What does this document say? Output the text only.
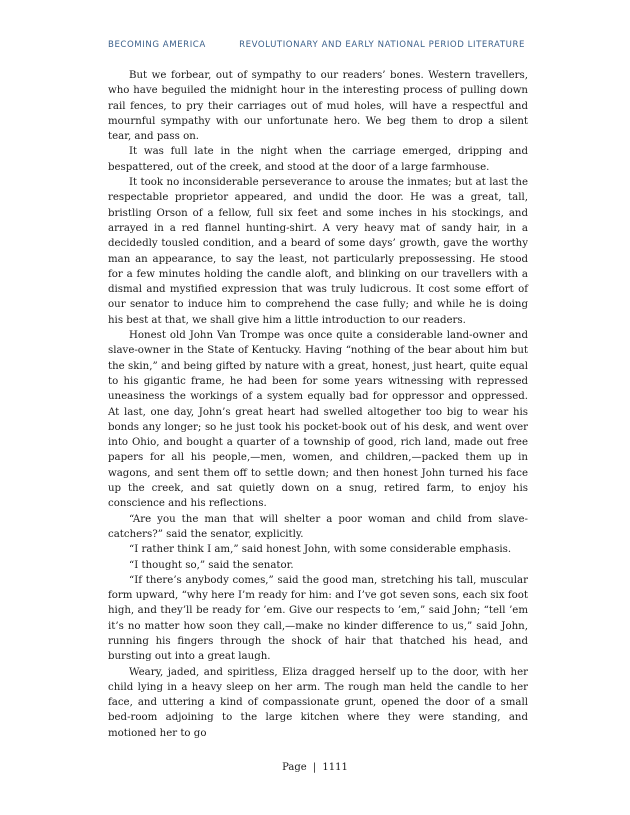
BECOMING AMERICA	REVOLUTIONARY AND EARLY NATIONAL PERIOD LITERATURE

But we forbear, out of sympathy to our readers’ bones. Western travellers, who have beguiled the midnight hour in the interesting process of pulling down rail fences, to pry their carriages out of mud holes, will have a respectful and mournful sympathy with our unfortunate hero. We beg them to drop a silent tear, and pass on.

It was full late in the night when the carriage emerged, dripping and bespattered, out of the creek, and stood at the door of a large farmhouse.

It took no inconsiderable perseverance to arouse the inmates; but at last the respectable proprietor appeared, and undid the door. He was a great, tall, bristling Orson of a fellow, full six feet and some inches in his stockings, and arrayed in a red flannel hunting-shirt. A very heavy mat of sandy hair, in a decidedly tousled condition, and a beard of some days’ growth, gave the worthy man an appearance, to say the least, not particularly prepossessing. He stood for a few minutes holding the candle aloft, and blinking on our travellers with a dismal and mystified expression that was truly ludicrous. It cost some effort of our senator to induce him to comprehend the case fully; and while he is doing his best at that, we shall give him a little introduction to our readers.

Honest old John Van Trompe was once quite a considerable land-owner and slave-owner in the State of Kentucky. Having “nothing of the bear about him but the skin,” and being gifted by nature with a great, honest, just heart, quite equal to his gigantic frame, he had been for some years witnessing with repressed uneasiness the workings of a system equally bad for oppressor and oppressed. At last, one day, John’s great heart had swelled altogether too big to wear his bonds any longer; so he just took his pocket-book out of his desk, and went over into Ohio, and bought a quarter of a township of good, rich land, made out free papers for all his people,—men, women, and children,—packed them up in wagons, and sent them off to settle down; and then honest John turned his face up the creek, and sat quietly down on a snug, retired farm, to enjoy his conscience and his reflections.

“Are you the man that will shelter a poor woman and child from slave-catchers?” said the senator, explicitly.

“I rather think I am,” said honest John, with some considerable emphasis.

“I thought so,” said the senator.

“If there’s anybody comes,” said the good man, stretching his tall, muscular form upward, “why here I’m ready for him: and I’ve got seven sons, each six foot high, and they’ll be ready for ’em. Give our respects to ’em,” said John; “tell ’em it’s no matter how soon they call,—make no kinder difference to us,” said John, running his fingers through the shock of hair that thatched his head, and bursting out into a great laugh.

Weary, jaded, and spiritless, Eliza dragged herself up to the door, with her child lying in a heavy sleep on her arm. The rough man held the candle to her face, and uttering a kind of compassionate grunt, opened the door of a small bed-room adjoining to the large kitchen where they were standing, and motioned her to go

Page | 1111
